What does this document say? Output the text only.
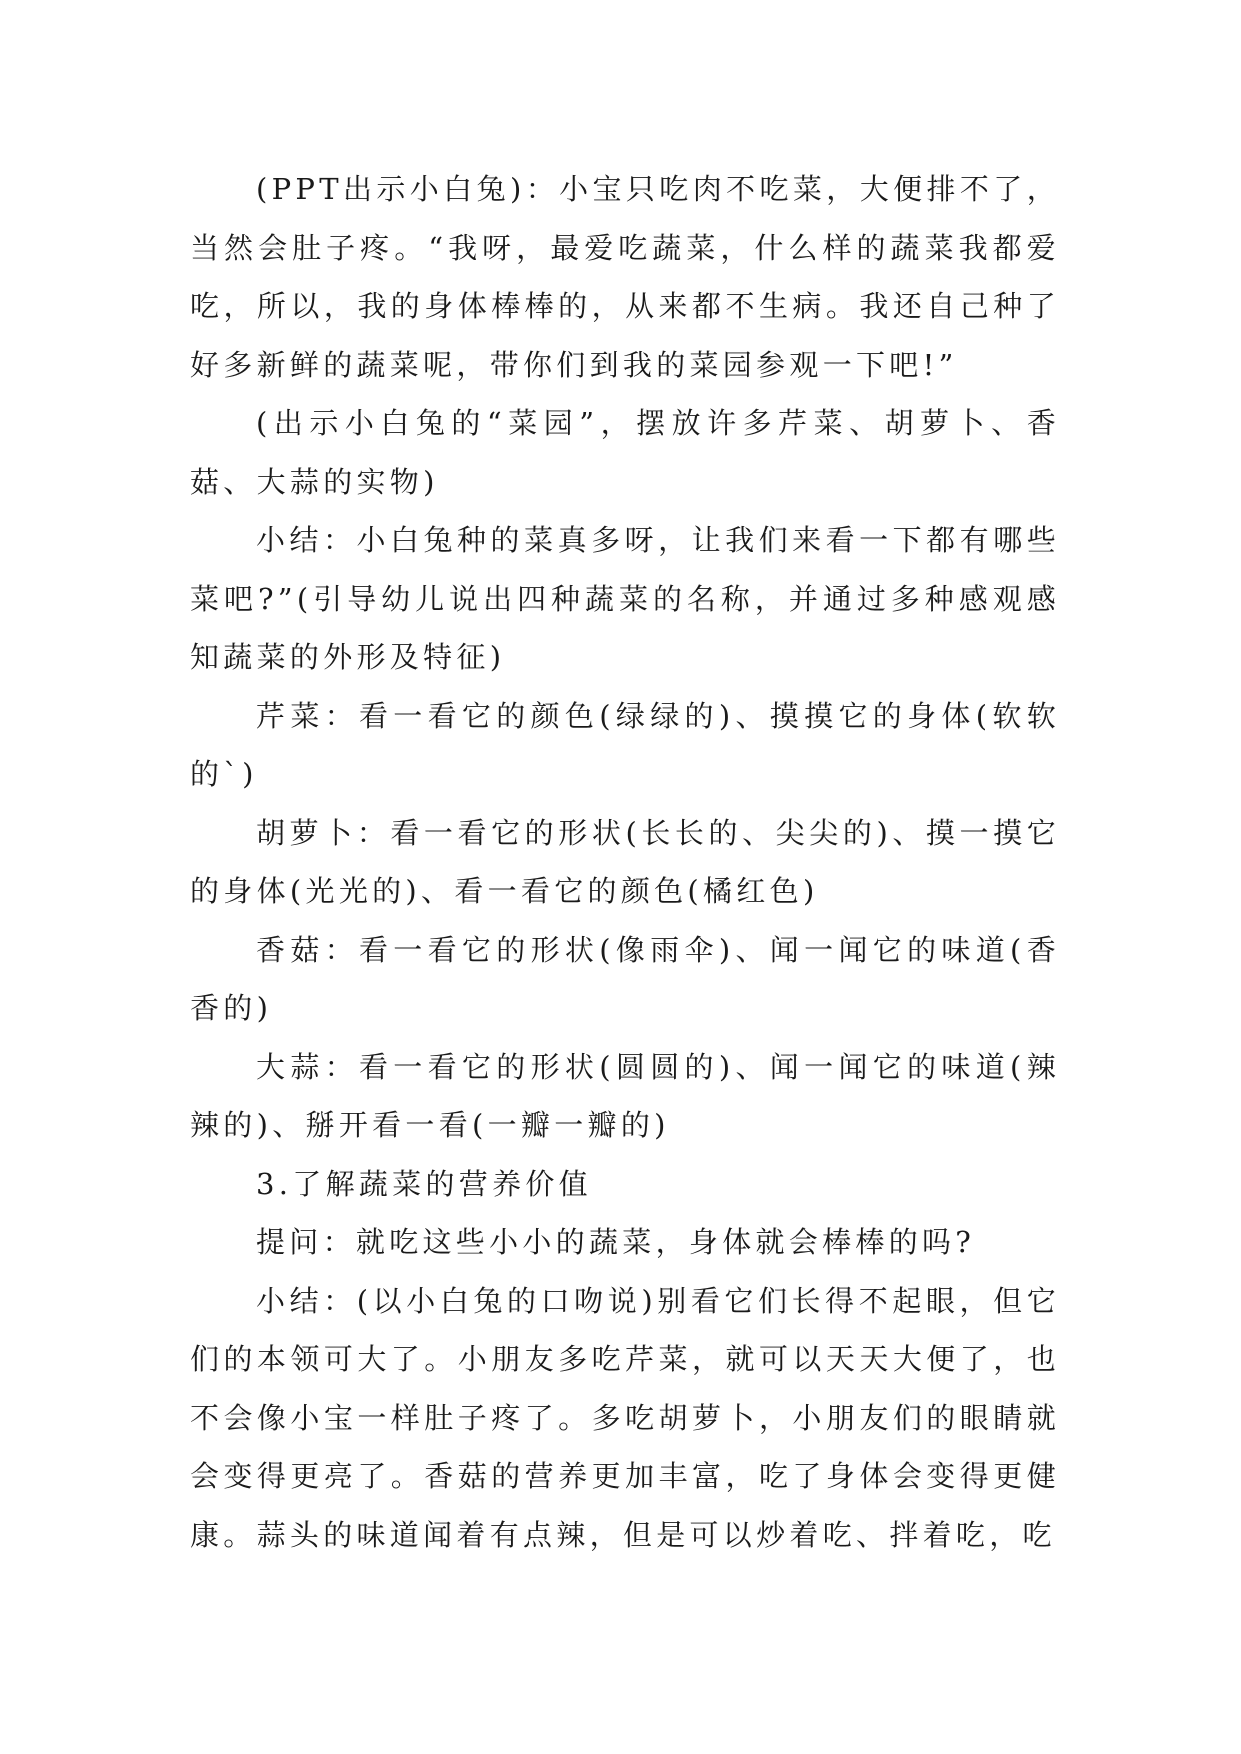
(PPT出示小白兔)：小宝只吃肉不吃菜，大便排不了，当然会肚子疼。“我呀，最爱吃蔬菜，什么样的蔬菜我都爱吃，所以，我的身体棒棒的，从来都不生病。我还自己种了好多新鲜的蔬菜呢，带你们到我的菜园参观一下吧!”

(出示小白兔的“菜园”，摆放许多芹菜、胡萝卜、香菇、大蒜的实物)

小结：小白兔种的菜真多呀，让我们来看一下都有哪些菜吧?”(引导幼儿说出四种蔬菜的名称，并通过多种感观感知蔬菜的外形及特征)

芹菜：看一看它的颜色(绿绿的)、摸摸它的身体(软软的`)

胡萝卜：看一看它的形状(长长的、尖尖的)、摸一摸它的身体(光光的)、看一看它的颜色(橘红色)

香菇：看一看它的形状(像雨伞)、闻一闻它的味道(香香的)

大蒜：看一看它的形状(圆圆的)、闻一闻它的味道(辣辣的)、掰开看一看(一瓣一瓣的)

3.了解蔬菜的营养价值

提问：就吃这些小小的蔬菜，身体就会棒棒的吗?

小结：(以小白兔的口吻说)别看它们长得不起眼，但它们的本领可大了。小朋友多吃芹菜，就可以天天大便了，也不会像小宝一样肚子疼了。多吃胡萝卜，小朋友们的眼睛就会变得更亮了。香菇的营养更加丰富，吃了身体会变得更健康。蒜头的味道闻着有点辣，但是可以炒着吃、拌着吃，吃
